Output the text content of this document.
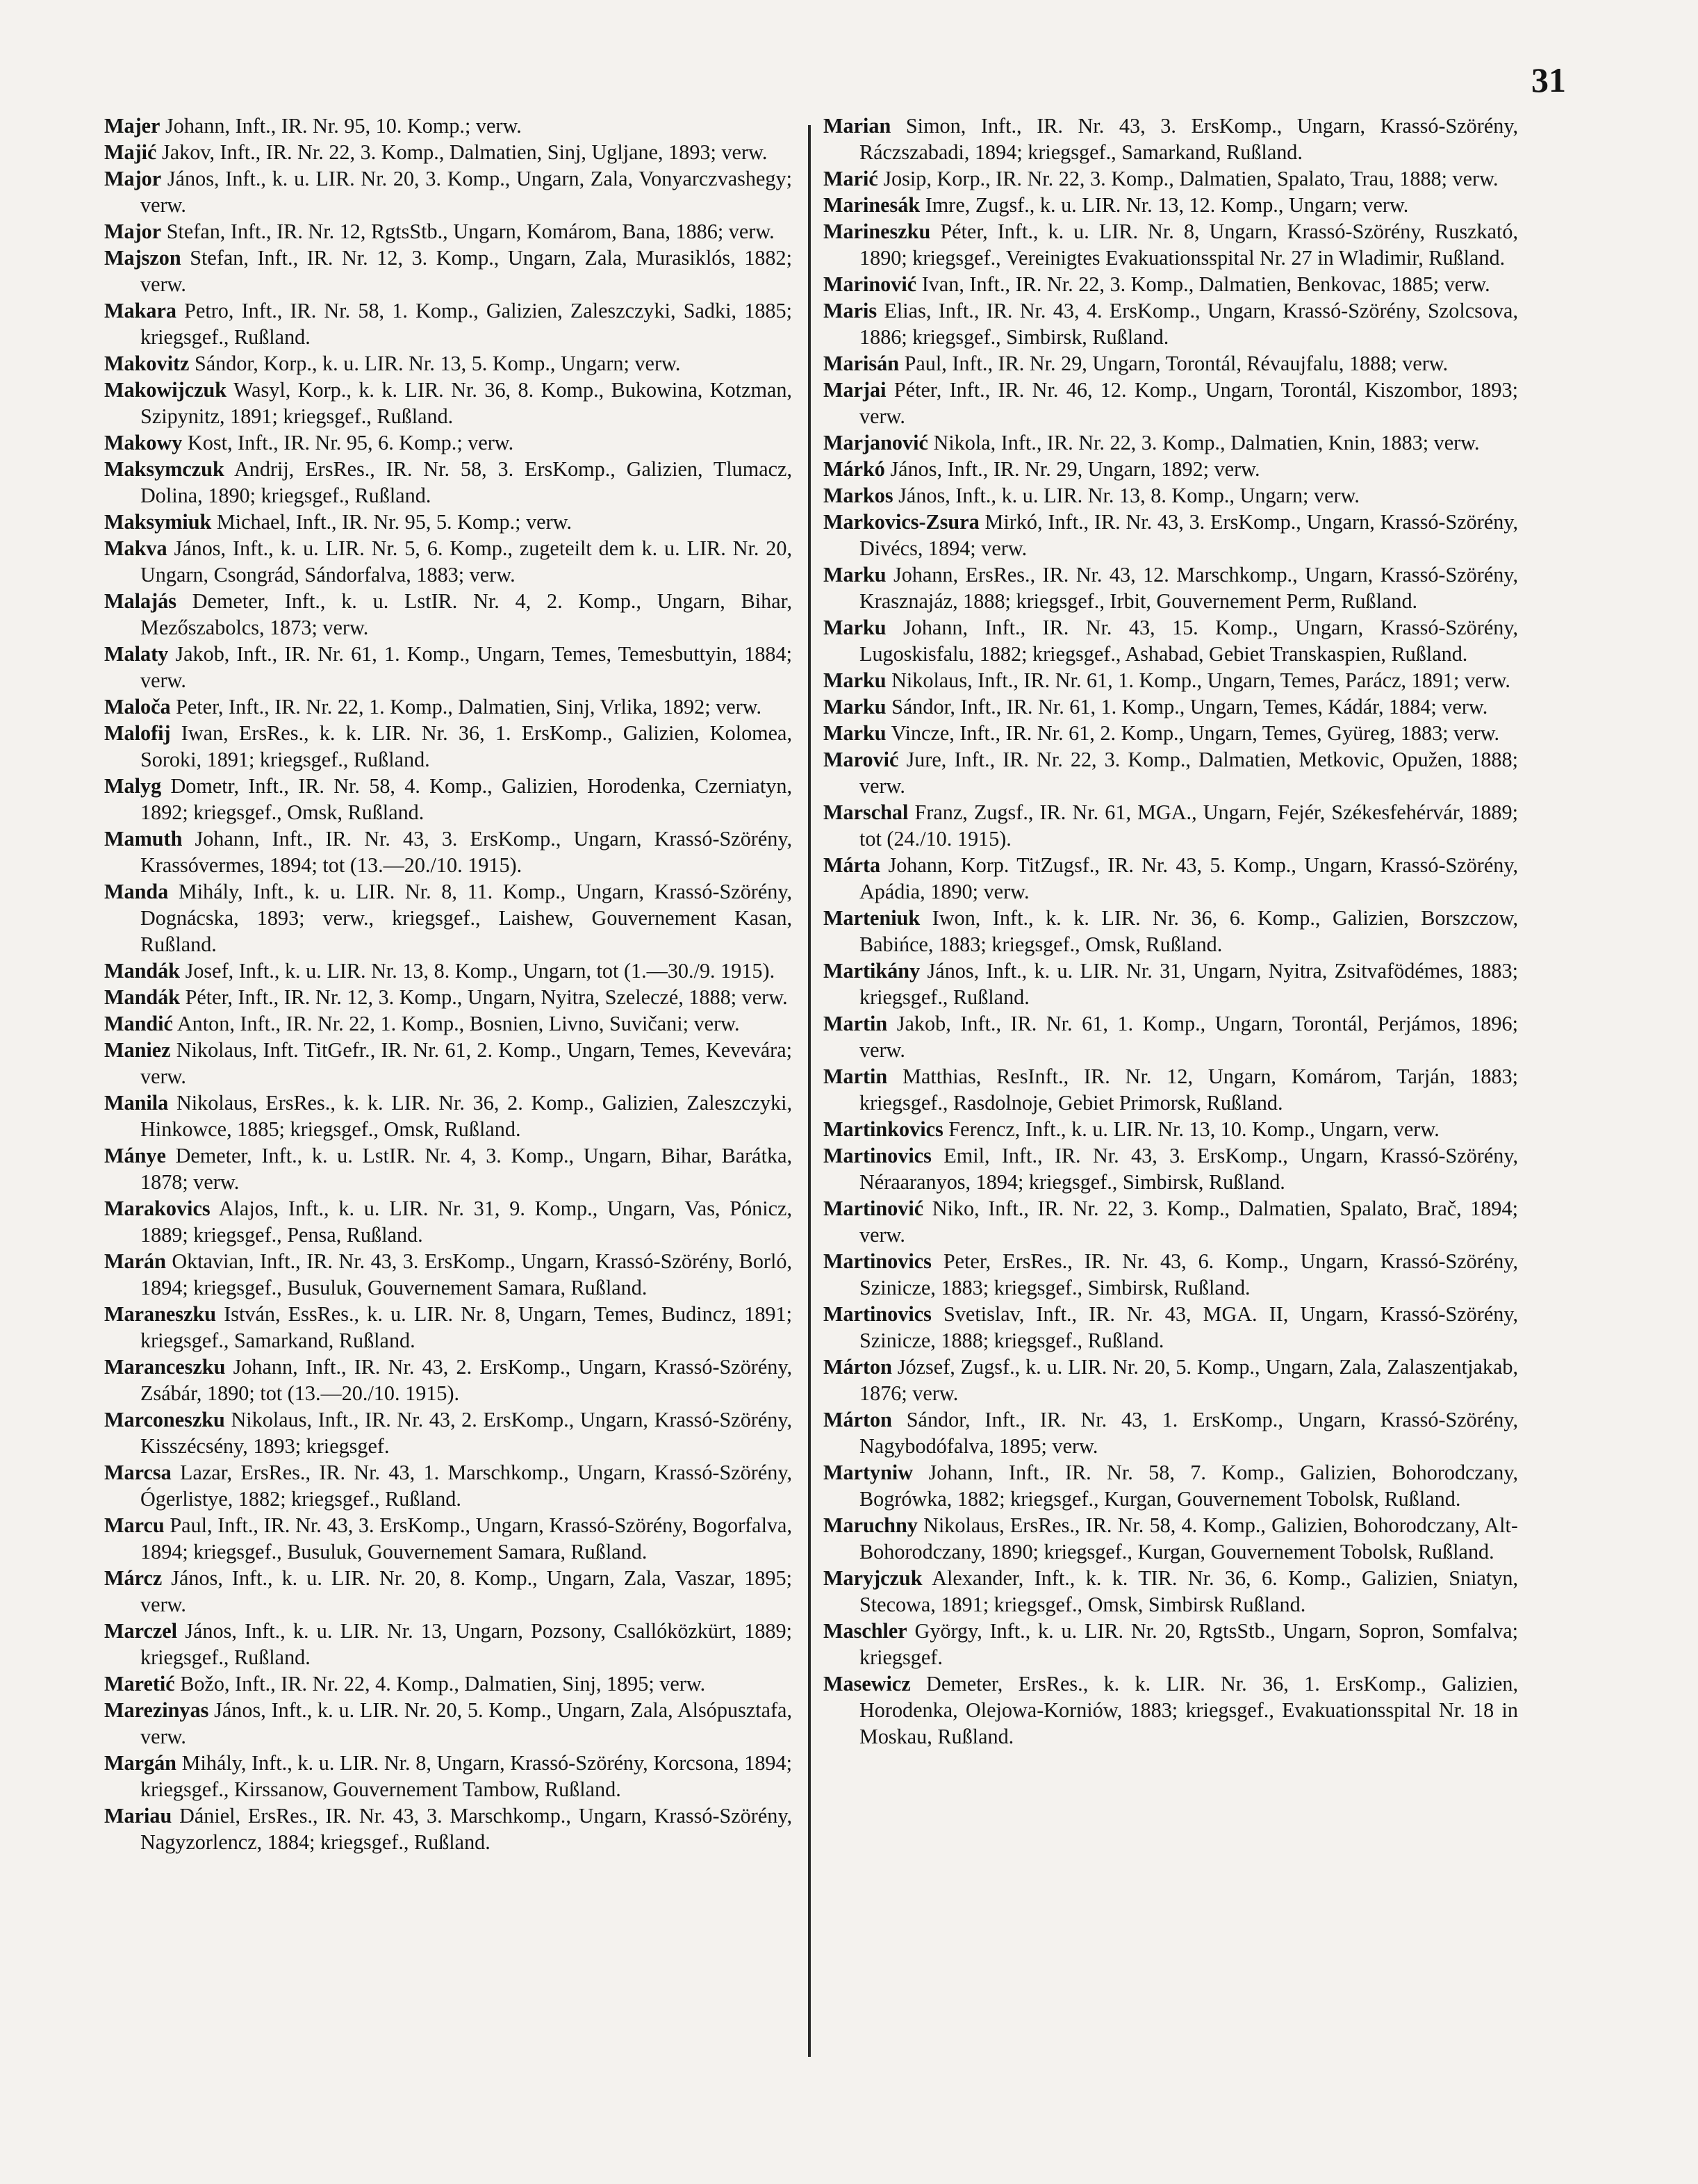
31

Majer Johann, Inft., IR. Nr. 95, 10. Komp.; verw.

Majić Jakov, Inft., IR. Nr. 22, 3. Komp., Dalmatien, Sinj, Ugljane, 1893; verw.

Major János, Inft., k. u. LIR. Nr. 20, 3. Komp., Ungarn, Zala, Vonyarczvashegy; verw.

Major Stefan, Inft., IR. Nr. 12, RgtsStb., Ungarn, Komárom, Bana, 1886; verw.

Majszon Stefan, Inft., IR. Nr. 12, 3. Komp., Ungarn, Zala, Murasiklós, 1882; verw.

Makara Petro, Inft., IR. Nr. 58, 1. Komp., Galizien, Zaleszczyki, Sadki, 1885; kriegsgef., Rußland.

Makovitz Sándor, Korp., k. u. LIR. Nr. 13, 5. Komp., Ungarn; verw.

Makowijczuk Wasyl, Korp., k. k. LIR. Nr. 36, 8. Komp., Bukowina, Kotzman, Szipynitz, 1891; kriegsgef., Rußland.

Makowy Kost, Inft., IR. Nr. 95, 6. Komp.; verw.

Maksymczuk Andrij, ErsRes., IR. Nr. 58, 3. ErsKomp., Galizien, Tlumacz, Dolina, 1890; kriegsgef., Rußland.

Maksymiuk Michael, Inft., IR. Nr. 95, 5. Komp.; verw.

Makva János, Inft., k. u. LIR. Nr. 5, 6. Komp., zugeteilt dem k. u. LIR. Nr. 20, Ungarn, Csongrád, Sándorfalva, 1883; verw.

Malajás Demeter, Inft., k. u. LstIR. Nr. 4, 2. Komp., Ungarn, Bihar, Mezőszabolcs, 1873; verw.

Malaty Jakob, Inft., IR. Nr. 61, 1. Komp., Ungarn, Temes, Temesbuttyin, 1884; verw.

Maloča Peter, Inft., IR. Nr. 22, 1. Komp., Dalmatien, Sinj, Vrlika, 1892; verw.

Malofij Iwan, ErsRes., k. k. LIR. Nr. 36, 1. ErsKomp., Galizien, Kolomea, Soroki, 1891; kriegsgef., Rußland.

Malyg Dometr, Inft., IR. Nr. 58, 4. Komp., Galizien, Horodenka, Czerniatyn, 1892; kriegsgef., Omsk, Rußland.

Mamuth Johann, Inft., IR. Nr. 43, 3. ErsKomp., Ungarn, Krassó-Szörény, Krassóvermes, 1894; tot (13.—20./10. 1915).

Manda Mihály, Inft., k. u. LIR. Nr. 8, 11. Komp., Ungarn, Krassó-Szörény, Dognácska, 1893; verw., kriegsgef., Laishew, Gouvernement Kasan, Rußland.

Mandák Josef, Inft., k. u. LIR. Nr. 13, 8. Komp., Ungarn, tot (1.—30./9. 1915).

Mandák Péter, Inft., IR. Nr. 12, 3. Komp., Ungarn, Nyitra, Szeleczé, 1888; verw.

Mandić Anton, Inft., IR. Nr. 22, 1. Komp., Bosnien, Livno, Suvičani; verw.

Maniez Nikolaus, Inft. TitGefr., IR. Nr. 61, 2. Komp., Ungarn, Temes, Kevevára; verw.

Manila Nikolaus, ErsRes., k. k. LIR. Nr. 36, 2. Komp., Galizien, Zaleszczyki, Hinkowce, 1885; kriegsgef., Omsk, Rußland.

Mánye Demeter, Inft., k. u. LstIR. Nr. 4, 3. Komp., Ungarn, Bihar, Barátka, 1878; verw.

Marakovics Alajos, Inft., k. u. LIR. Nr. 31, 9. Komp., Ungarn, Vas, Pónicz, 1889; kriegsgef., Pensa, Rußland.

Marán Oktavian, Inft., IR. Nr. 43, 3. ErsKomp., Ungarn, Krassó-Szörény, Borló, 1894; kriegsgef., Busuluk, Gouvernement Samara, Rußland.

Maraneszku István, EssRes., k. u. LIR. Nr. 8, Ungarn, Temes, Budincz, 1891; kriegsgef., Samarkand, Rußland.

Maranceszku Johann, Inft., IR. Nr. 43, 2. ErsKomp., Ungarn, Krassó-Szörény, Zsábár, 1890; tot (13.—20./10. 1915).

Marconeszku Nikolaus, Inft., IR. Nr. 43, 2. ErsKomp., Ungarn, Krassó-Szörény, Kisszécsény, 1893; kriegsgef.

Marcsa Lazar, ErsRes., IR. Nr. 43, 1. Marschkomp., Ungarn, Krassó-Szörény, Ógerlistye, 1882; kriegsgef., Rußland.

Marcu Paul, Inft., IR. Nr. 43, 3. ErsKomp., Ungarn, Krassó-Szörény, Bogorfalva, 1894; kriegsgef., Busuluk, Gouvernement Samara, Rußland.

Márcz János, Inft., k. u. LIR. Nr. 20, 8. Komp., Ungarn, Zala, Vaszar, 1895; verw.

Marczel János, Inft., k. u. LIR. Nr. 13, Ungarn, Pozsony, Csallóközkürt, 1889; kriegsgef., Rußland.

Maretić Božo, Inft., IR. Nr. 22, 4. Komp., Dalmatien, Sinj, 1895; verw.

Marezinyas János, Inft., k. u. LIR. Nr. 20, 5. Komp., Ungarn, Zala, Alsópusztafa, verw.

Margán Mihály, Inft., k. u. LIR. Nr. 8, Ungarn, Krassó-Szörény, Korcsona, 1894; kriegsgef., Kirssanow, Gouvernement Tambow, Rußland.

Mariau Dániel, ErsRes., IR. Nr. 43, 3. Marschkomp., Ungarn, Krassó-Szörény, Nagyzorlencz, 1884; kriegsgef., Rußland.

Marian Simon, Inft., IR. Nr. 43, 3. ErsKomp., Ungarn, Krassó-Szörény, Ráczszabadi, 1894; kriegsgef., Samarkand, Rußland.

Marić Josip, Korp., IR. Nr. 22, 3. Komp., Dalmatien, Spalato, Trau, 1888; verw.

Marinesák Imre, Zugsf., k. u. LIR. Nr. 13, 12. Komp., Ungarn; verw.

Marineszku Péter, Inft., k. u. LIR. Nr. 8, Ungarn, Krassó-Szörény, Ruszkató, 1890; kriegsgef., Vereinigtes Evakuationsspital Nr. 27 in Wladimir, Rußland.

Marinović Ivan, Inft., IR. Nr. 22, 3. Komp., Dalmatien, Benkovac, 1885; verw.

Maris Elias, Inft., IR. Nr. 43, 4. ErsKomp., Ungarn, Krassó-Szörény, Szolcsova, 1886; kriegsgef., Simbirsk, Rußland.

Marisán Paul, Inft., IR. Nr. 29, Ungarn, Torontál, Révaujfalu, 1888; verw.

Marjai Péter, Inft., IR. Nr. 46, 12. Komp., Ungarn, Torontál, Kiszombor, 1893; verw.

Marjanović Nikola, Inft., IR. Nr. 22, 3. Komp., Dalmatien, Knin, 1883; verw.

Márkó János, Inft., IR. Nr. 29, Ungarn, 1892; verw.

Markos János, Inft., k. u. LIR. Nr. 13, 8. Komp., Ungarn; verw.

Markovics-Zsura Mirkó, Inft., IR. Nr. 43, 3. ErsKomp., Ungarn, Krassó-Szörény, Divécs, 1894; verw.

Marku Johann, ErsRes., IR. Nr. 43, 12. Marschkomp., Ungarn, Krassó-Szörény, Krasznajáz, 1888; kriegsgef., Irbit, Gouvernement Perm, Rußland.

Marku Johann, Inft., IR. Nr. 43, 15. Komp., Ungarn, Krassó-Szörény, Lugoskisfalu, 1882; kriegsgef., Ashabad, Gebiet Transkaspien, Rußland.

Marku Nikolaus, Inft., IR. Nr. 61, 1. Komp., Ungarn, Temes, Parácz, 1891; verw.

Marku Sándor, Inft., IR. Nr. 61, 1. Komp., Ungarn, Temes, Kádár, 1884; verw.

Marku Vincze, Inft., IR. Nr. 61, 2. Komp., Ungarn, Temes, Gyüreg, 1883; verw.

Marović Jure, Inft., IR. Nr. 22, 3. Komp., Dalmatien, Metkovic, Opužen, 1888; verw.

Marschal Franz, Zugsf., IR. Nr. 61, MGA., Ungarn, Fejér, Székesfehérvár, 1889; tot (24./10. 1915).

Márta Johann, Korp. TitZugsf., IR. Nr. 43, 5. Komp., Ungarn, Krassó-Szörény, Apádia, 1890; verw.

Marteniuk Iwon, Inft., k. k. LIR. Nr. 36, 6. Komp., Galizien, Borszczow, Babińce, 1883; kriegsgef., Omsk, Rußland.

Martikány János, Inft., k. u. LIR. Nr. 31, Ungarn, Nyitra, Zsitvafödémes, 1883; kriegsgef., Rußland.

Martin Jakob, Inft., IR. Nr. 61, 1. Komp., Ungarn, Torontál, Perjámos, 1896; verw.

Martin Matthias, ResInft., IR. Nr. 12, Ungarn, Komárom, Tarján, 1883; kriegsgef., Rasdolnoje, Gebiet Primorsk, Rußland.

Martinkovics Ferencz, Inft., k. u. LIR. Nr. 13, 10. Komp., Ungarn, verw.

Martinovics Emil, Inft., IR. Nr. 43, 3. ErsKomp., Ungarn, Krassó-Szörény, Néraaranyos, 1894; kriegsgef., Simbirsk, Rußland.

Martinović Niko, Inft., IR. Nr. 22, 3. Komp., Dalmatien, Spalato, Brač, 1894; verw.

Martinovics Peter, ErsRes., IR. Nr. 43, 6. Komp., Ungarn, Krassó-Szörény, Szinicze, 1883; kriegsgef., Simbirsk, Rußland.

Martinovics Svetislav, Inft., IR. Nr. 43, MGA. II, Ungarn, Krassó-Szörény, Szinicze, 1888; kriegsgef., Rußland.

Márton József, Zugsf., k. u. LIR. Nr. 20, 5. Komp., Ungarn, Zala, Zalaszentjakab, 1876; verw.

Márton Sándor, Inft., IR. Nr. 43, 1. ErsKomp., Ungarn, Krassó-Szörény, Nagybodófalva, 1895; verw.

Martyniw Johann, Inft., IR. Nr. 58, 7. Komp., Galizien, Bohorodczany, Bogrówka, 1882; kriegsgef., Kurgan, Gouvernement Tobolsk, Rußland.

Maruchny Nikolaus, ErsRes., IR. Nr. 58, 4. Komp., Galizien, Bohorodczany, Alt-Bohorodczany, 1890; kriegsgef., Kurgan, Gouvernement Tobolsk, Rußland.

Maryjczuk Alexander, Inft., k. k. TIR. Nr. 36, 6. Komp., Galizien, Sniatyn, Stecowa, 1891; kriegsgef., Omsk, Simbirsk Rußland.

Maschler György, Inft., k. u. LIR. Nr. 20, RgtsStb., Ungarn, Sopron, Somfalva; kriegsgef.

Masewicz Demeter, ErsRes., k. k. LIR. Nr. 36, 1. ErsKomp., Galizien, Horodenka, Olejowa-Korniów, 1883; kriegsgef., Evakuationsspital Nr. 18 in Moskau, Rußland.
